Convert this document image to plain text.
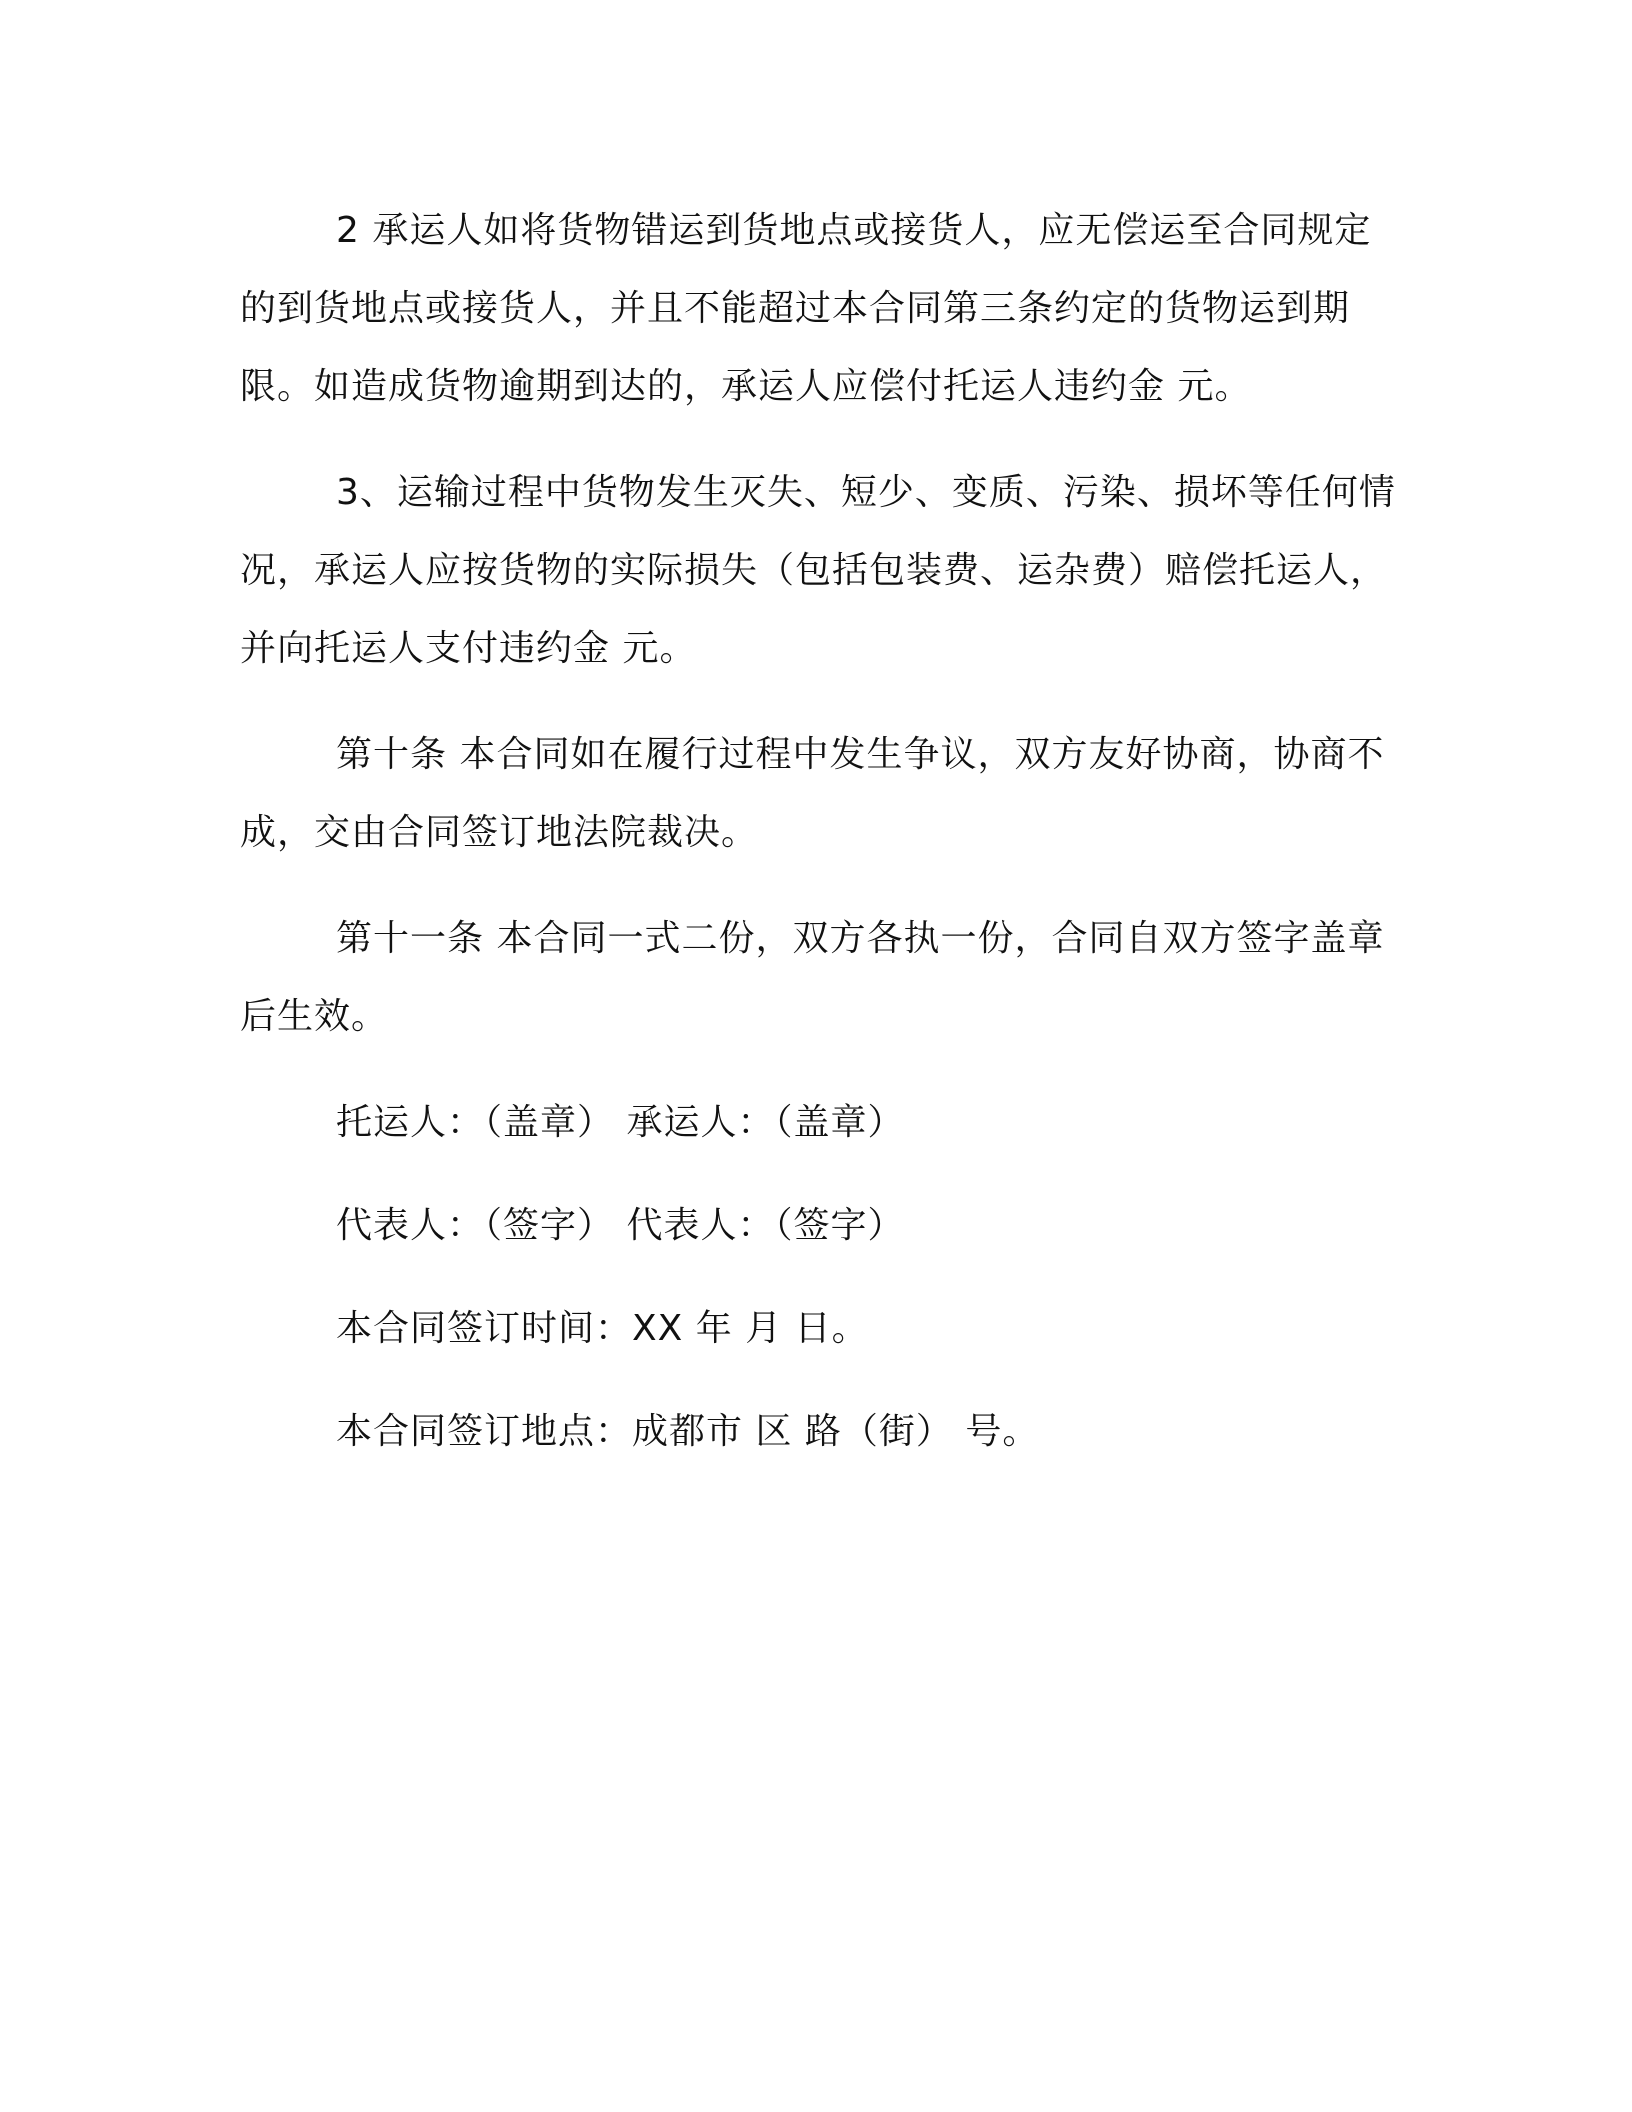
2 承运人如将货物错运到货地点或接货人，应无偿运至合同规定的到货地点或接货人，并且不能超过本合同第三条约定的货物运到期限。如造成货物逾期到达的，承运人应偿付托运人违约金 元。

3、运输过程中货物发生灭失、短少、变质、污染、损坏等任何情况，承运人应按货物的实际损失（包括包装费、运杂费）赔偿托运人，并向托运人支付违约金 元。

第十条 本合同如在履行过程中发生争议，双方友好协商，协商不成，交由合同签订地法院裁决。

第十一条 本合同一式二份，双方各执一份，合同自双方签字盖章后生效。

托运人：（盖章） 承运人：（盖章）
代表人：（签字） 代表人：（签字）
本合同签订时间：XX 年 月 日。
本合同签订地点：成都市 区 路（街） 号。
